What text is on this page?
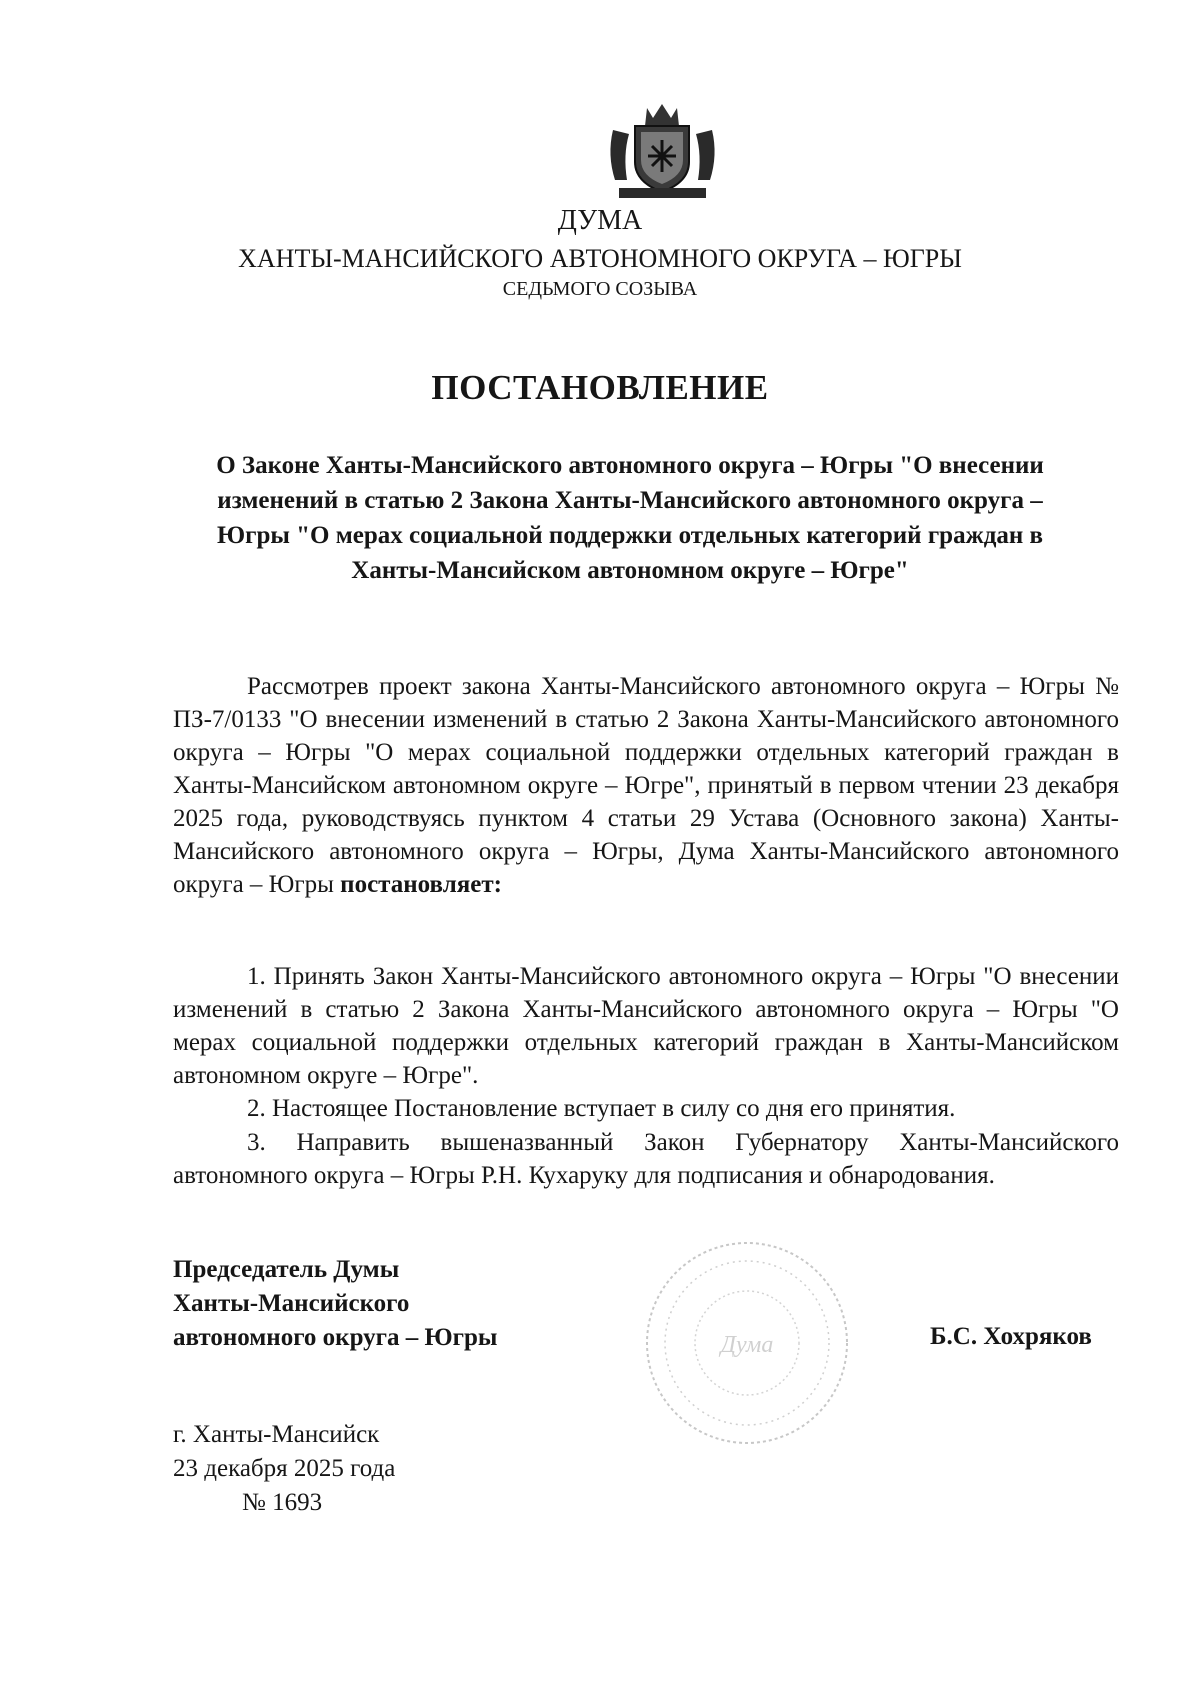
ДУМА
ХАНТЫ-МАНСИЙСКОГО АВТОНОМНОГО ОКРУГА – ЮГРЫ
СЕДЬМОГО СОЗЫВА
ПОСТАНОВЛЕНИЕ
О Законе Ханты-Мансийского автономного округа – Югры "О внесении изменений в статью 2 Закона Ханты-Мансийского автономного округа – Югры "О мерах социальной поддержки отдельных категорий граждан в Ханты-Мансийском автономном округе – Югре"
Рассмотрев проект закона Ханты-Мансийского автономного округа – Югры № ПЗ-7/0133 "О внесении изменений в статью 2 Закона Ханты-Мансийского автономного округа – Югры "О мерах социальной поддержки отдельных категорий граждан в Ханты-Мансийском автономном округе – Югре", принятый в первом чтении 23 декабря 2025 года, руководствуясь пунктом 4 статьи 29 Устава (Основного закона) Ханты-Мансийского автономного округа – Югры, Дума Ханты-Мансийского автономного округа – Югры постановляет:
1. Принять Закон Ханты-Мансийского автономного округа – Югры "О внесении изменений в статью 2 Закона Ханты-Мансийского автономного округа – Югры "О мерах социальной поддержки отдельных категорий граждан в Ханты-Мансийском автономном округе – Югре".
2. Настоящее Постановление вступает в силу со дня его принятия.
3. Направить вышеназванный Закон Губернатору Ханты-Мансийского автономного округа – Югры Р.Н. Кухаруку для подписания и обнародования.
Председатель Думы
Ханты-Мансийского
автономного округа – Югры	Дума	Б.С. Хохряков
г. Ханты-Мансийск
23 декабря 2025 года
№ 1693
